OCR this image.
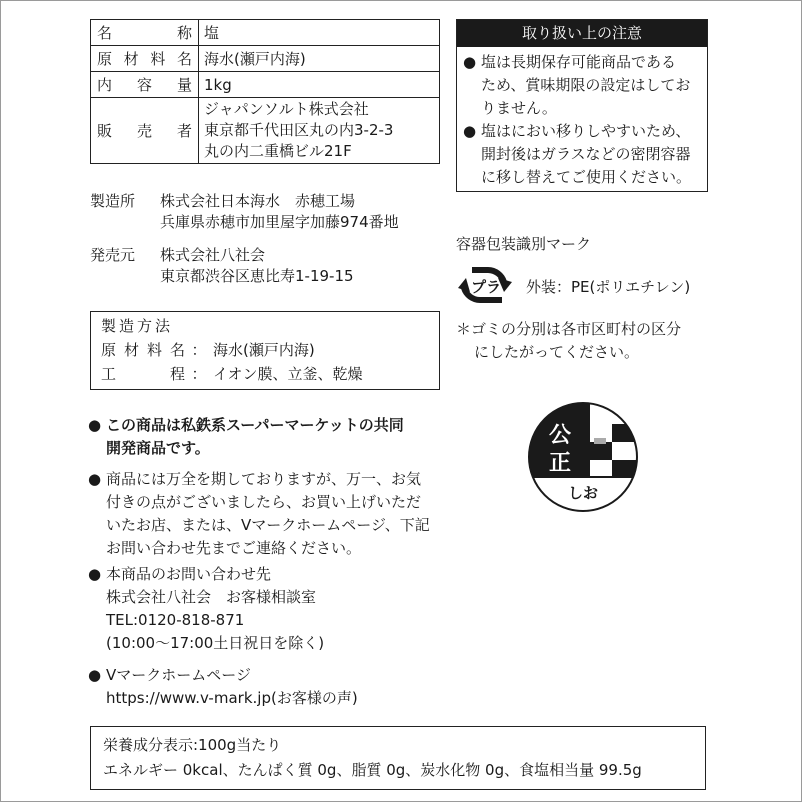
名 称	塩

原 材 料 名	海水(瀬戸内海)

内 容 量	1kg

販 売 者	ジャパンソルト株式会社
東京都千代田区丸の内3-2-3
丸の内二重橋ビル21F
製造所	株式会社日本海水　赤穂工場
兵庫県赤穂市加里屋字加藤974番地
発売元	株式会社八社会
東京都渋谷区恵比寿1-19-15
製造方法
原 材 料 名 ： 海水(瀬戸内海)
工	程 ： イオン膜、立釜、乾燥
● この商品は私鉄系スーパーマーケットの共同
開発商品です。
● 商品には万全を期しておりますが、万一、お気
付きの点がございましたら、お買い上げいただ
いたお店、または、Vマークホームページ、下記
お問い合わせ先までご連絡ください。
● 本商品のお問い合わせ先
株式会社八社会　お客様相談室
TEL:0120-818-871
(10:00～17:00土日祝日を除く)
● Vマークホームページ
https://www.v-mark.jp(お客様の声)
栄養成分表示:100g当たり
エネルギー 0kcal、たんぱく質 0g、脂質 0g、炭水化物 0g、食塩相当量 99.5g
取り扱い上の注意
● 塩は長期保存可能商品である
ため、賞味期限の設定はしてお
りません。
● 塩はにおい移りしやすいため、
開封後はガラスなどの密閉容器
に移し替えてご使用ください。
容器包装識別マーク
プラ 外装：PE(ポリエチレン)
＊ゴミの分別は各市区町村の区分
にしたがってください。
公
正
しお
